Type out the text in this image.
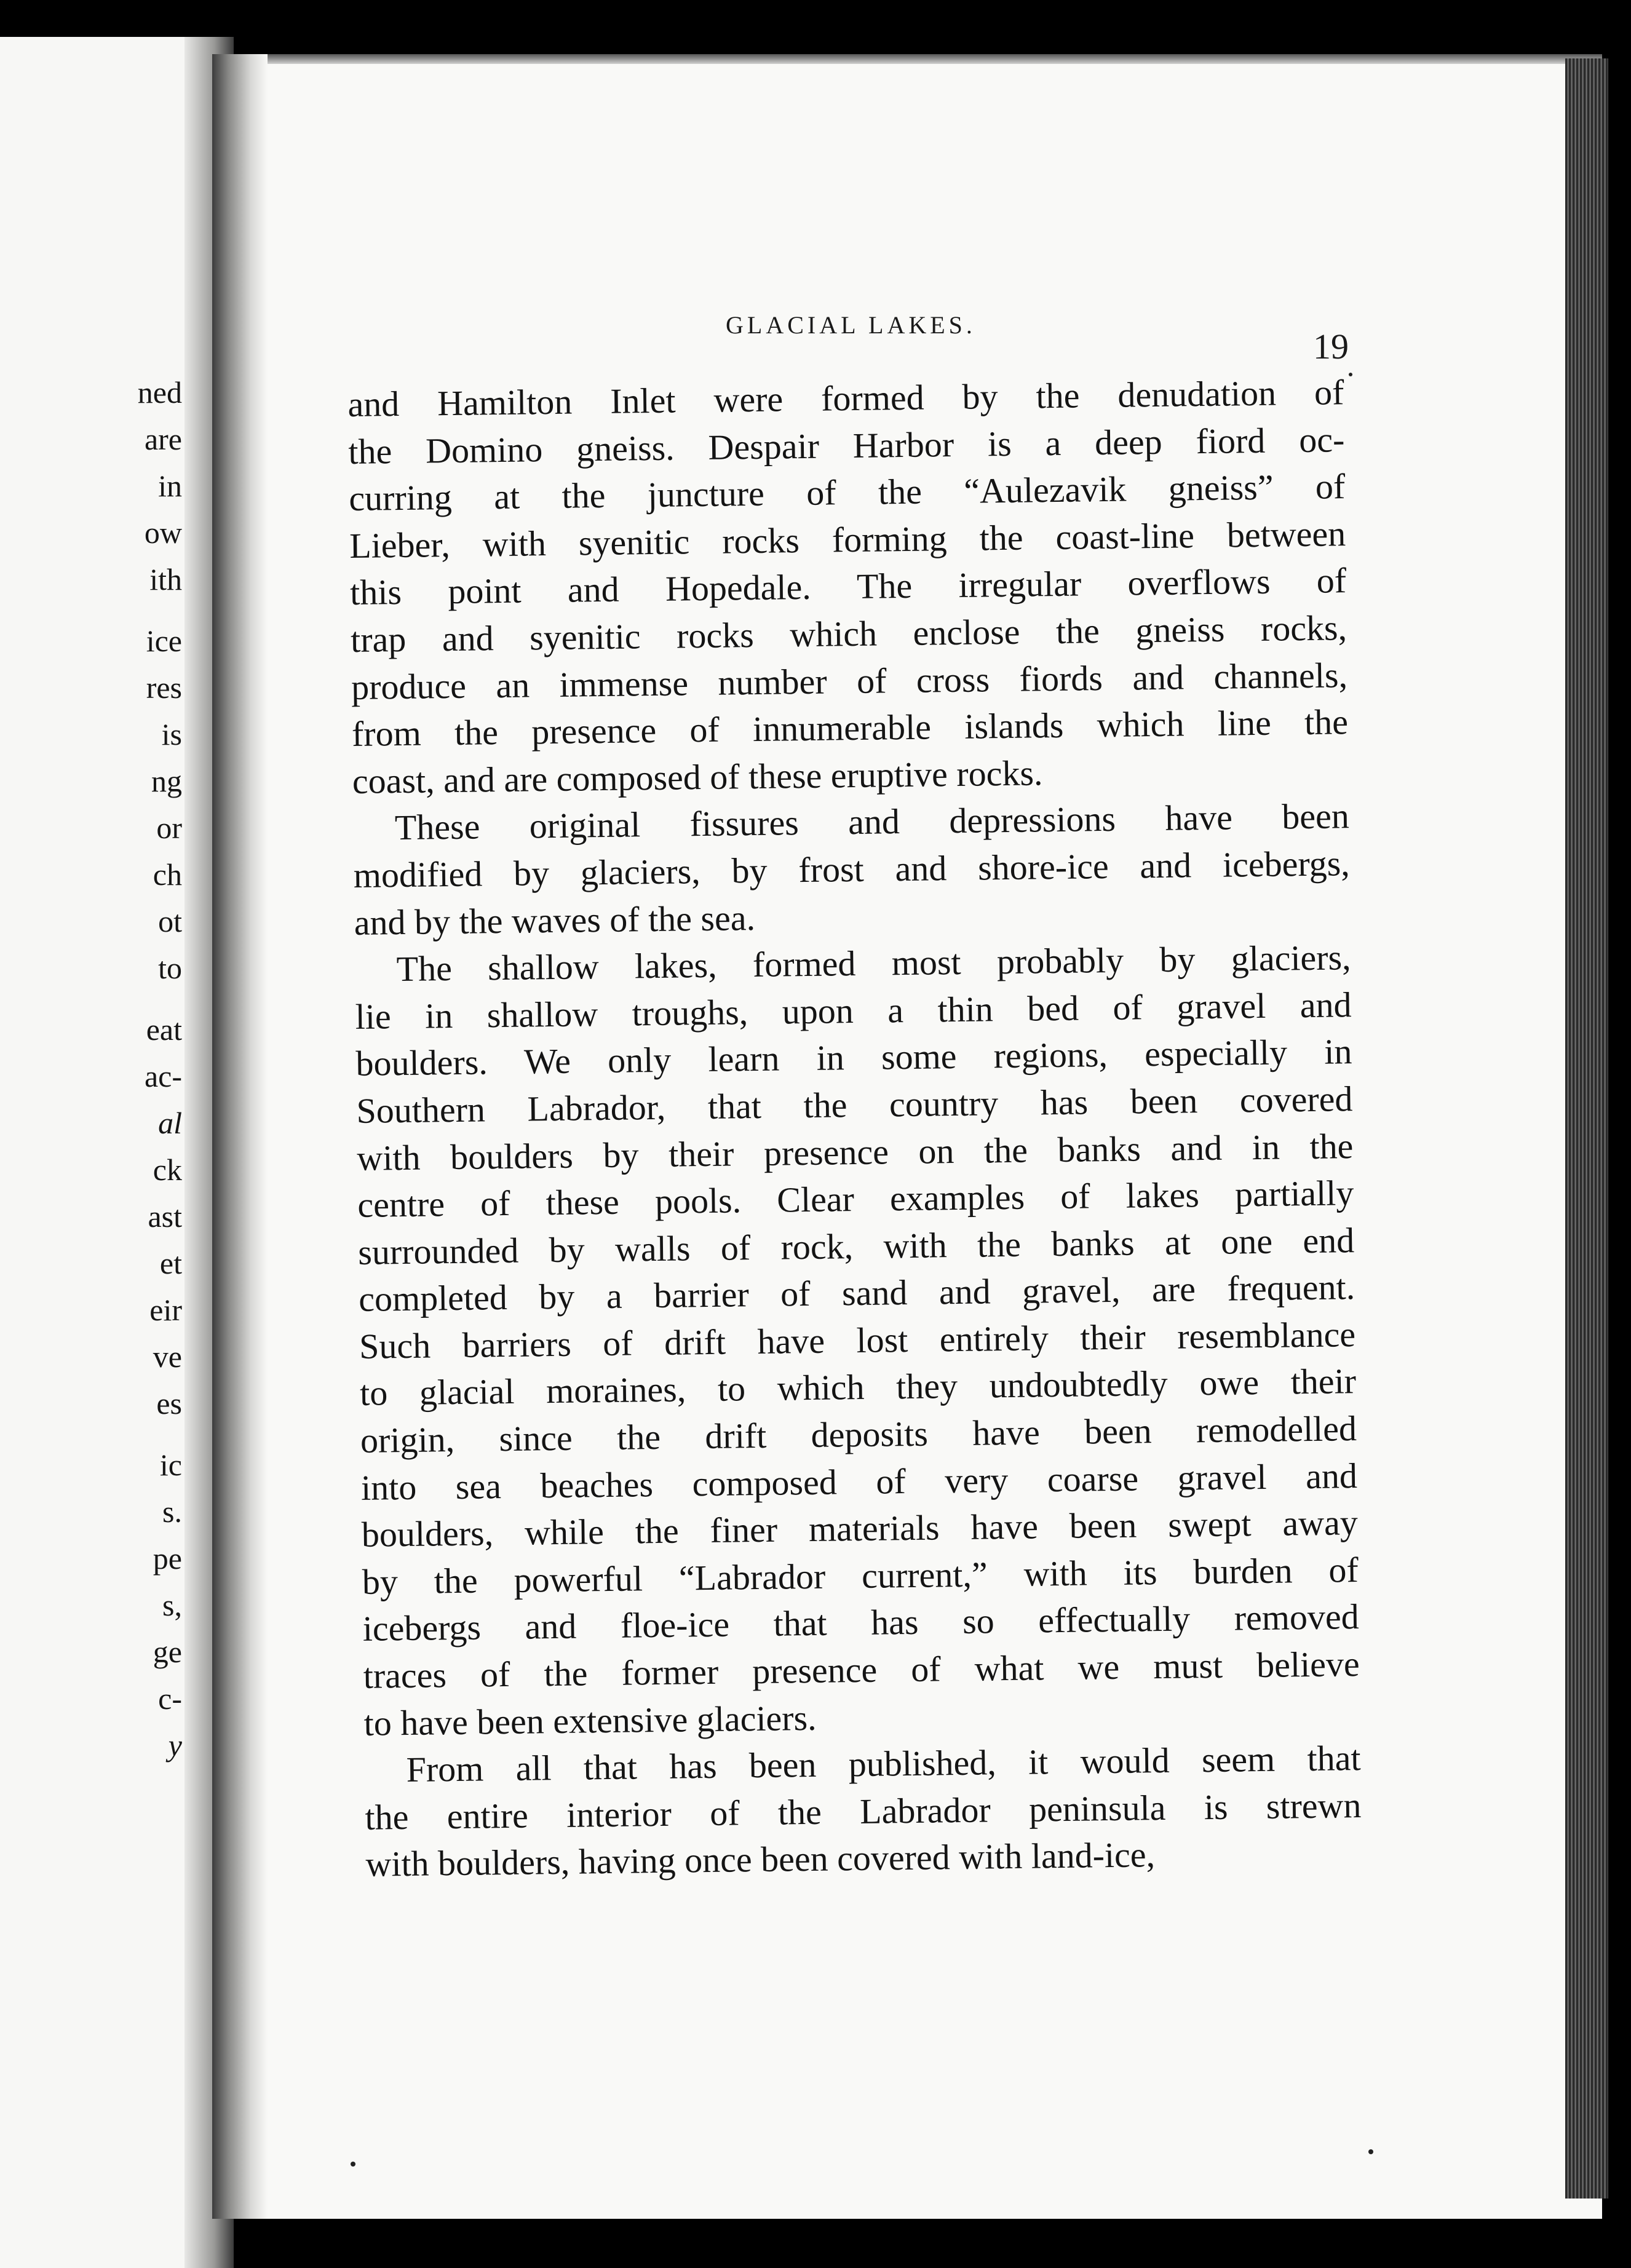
ned
are
in
ow
ith
ice
res
is
ng
or
ch
ot
to
eat
ac-
al
ck
ast
et
eir
ve
es
ic
s.
pe
s,
ge
c-
y
GLACIAL LAKES.
19
and Hamilton Inlet were formed by the denudation of
the Domino gneiss. Despair Harbor is a deep fiord oc-
curring at the juncture of the “Aulezavik gneiss” of
Lieber, with syenitic rocks forming the coast-line between
this point and Hopedale. The irregular overflows of
trap and syenitic rocks which enclose the gneiss rocks,
produce an immense number of cross fiords and channels,
from the presence of innumerable islands which line the
coast, and are composed of these eruptive rocks.
These original fissures and depressions have been
modified by glaciers, by frost and shore-ice and icebergs,
and by the waves of the sea.
The shallow lakes, formed most probably by glaciers,
lie in shallow troughs, upon a thin bed of gravel and
boulders. We only learn in some regions, especially in
Southern Labrador, that the country has been covered
with boulders by their presence on the banks and in the
centre of these pools. Clear examples of lakes partially
surrounded by walls of rock, with the banks at one end
completed by a barrier of sand and gravel, are frequent.
Such barriers of drift have lost entirely their resemblance
to glacial moraines, to which they undoubtedly owe their
origin, since the drift deposits have been remodelled
into sea beaches composed of very coarse gravel and
boulders, while the finer materials have been swept away
by the powerful “Labrador current,” with its burden of
icebergs and floe-ice that has so effectually removed
traces of the former presence of what we must believe
to have been extensive glaciers.
From all that has been published, it would seem that
the entire interior of the Labrador peninsula is strewn
with boulders, having once been covered with land-ice,
